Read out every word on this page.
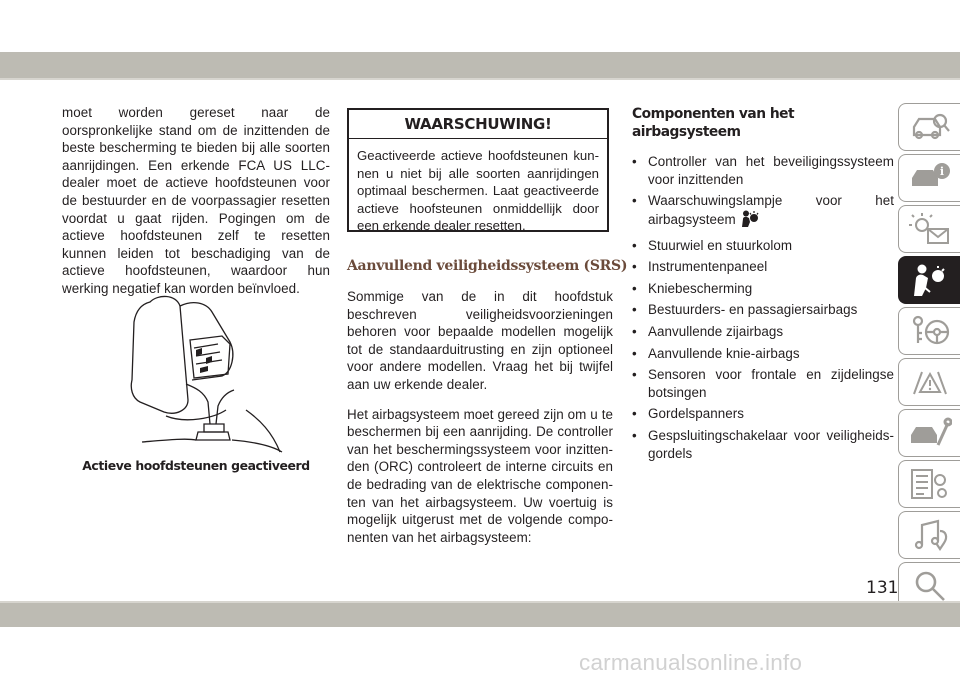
moet worden gereset naar de oorspronkelijke stand om de inzittenden de beste bescherming te bieden bij alle soorten aanrijdingen. Een erkende FCA US LLC-dealer moet de actieve hoofdsteunen voor de bestuurder en de voorpassagier resetten voordat u gaat rijden. Pogingen om de actieve hoofdsteunen zelf te resetten kunnen leiden tot beschadiging van de actieve hoofdsteunen, waardoor hun werking negatief kan worden beïnvloed.

Actieve hoofdsteunen geactiveerd
WAARSCHUWING!
Geactiveerde actieve hoofdsteunen kunnen u niet bij alle soorten aanrijdingen optimaal beschermen. Laat geactiveerde actieve hoofsteunen onmiddellijk door een erkende dealer resetten.
Aanvullend veiligheidssysteem (SRS)

Sommige van de in dit hoofdstuk beschreven veiligheidsvoorzieningen behoren voor bepaalde modellen mogelijk tot de standaarduitrusting en zijn optioneel voor andere modellen. Vraag het bij twijfel aan uw erkende dealer.

Het airbagsysteem moet gereed zijn om u te beschermen bij een aanrijding. De controller van het beschermingssysteem voor inzittenden (ORC) controleert de interne circuits en de bedrading van de elektrische componenten van het airbagsysteem. Uw voertuig is mogelijk uitgerust met de volgende componenten van het airbagsysteem:

Componenten van het airbagsysteem
• Controller van het beveiligingssysteem voor inzittenden
• Waarschuwingslampje voor het airbagsysteem
• Stuurwiel en stuurkolom
• Instrumentenpaneel
• Kniebescherming
• Bestuurders- en passagiersairbags
• Aanvullende zijairbags
• Aanvullende knie-airbags
• Sensoren voor frontale en zijdelingse botsingen
• Gordelspanners
• Gespsluitingschakelaar voor veiligheidsgordels
i
131
carmanualsonline.info
